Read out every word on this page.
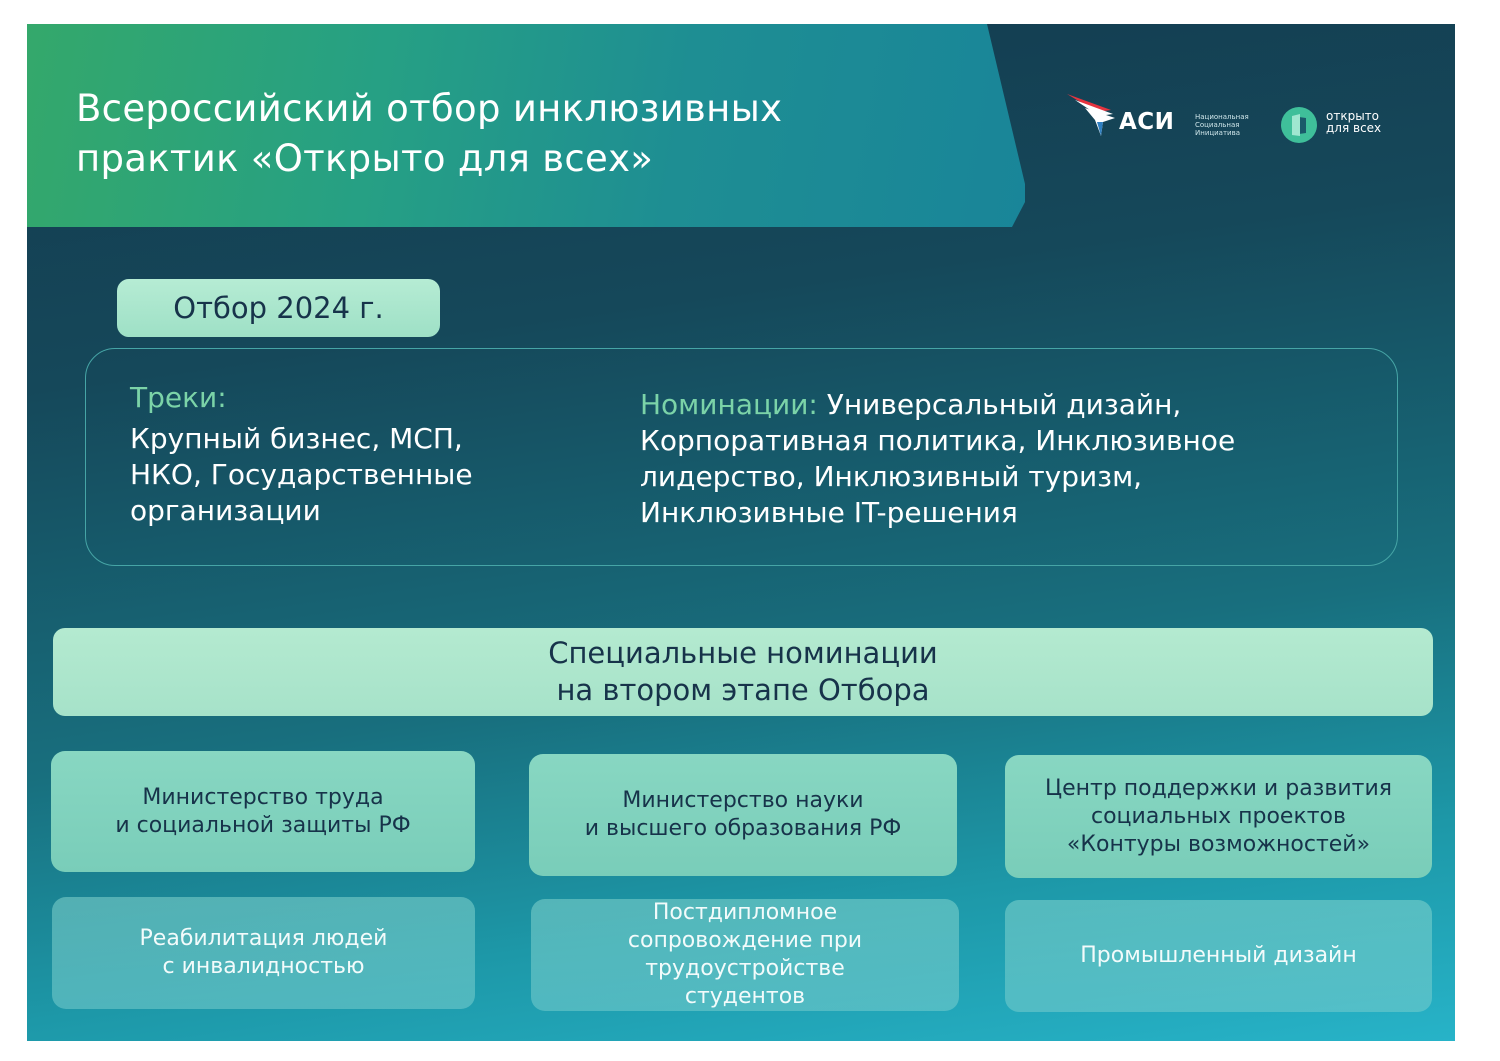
Всероссийский отбор инклюзивных
практик «Открыто для всех»
АСИ	Национальная
Социальная
Инициатива
открыто
для всех
Отбор 2024 г.
Треки:

Крупный бизнес, МСП,
НКО, Государственные
организации

Номинации: Универсальный дизайн,
Корпоративная политика, Инклюзивное
лидерство, Инклюзивный туризм,
Инклюзивные IT-решения

Специальные номинации
на втором этапе Отбора
Министерство труда
и социальной защиты РФ
Министерство науки
и высшего образования РФ
Центр поддержки и развития
социальных проектов
«Контуры возможностей»
Реабилитация людей
с инвалидностью
Постдипломное
сопровождение при
трудоустройстве
студентов
Промышленный дизайн
